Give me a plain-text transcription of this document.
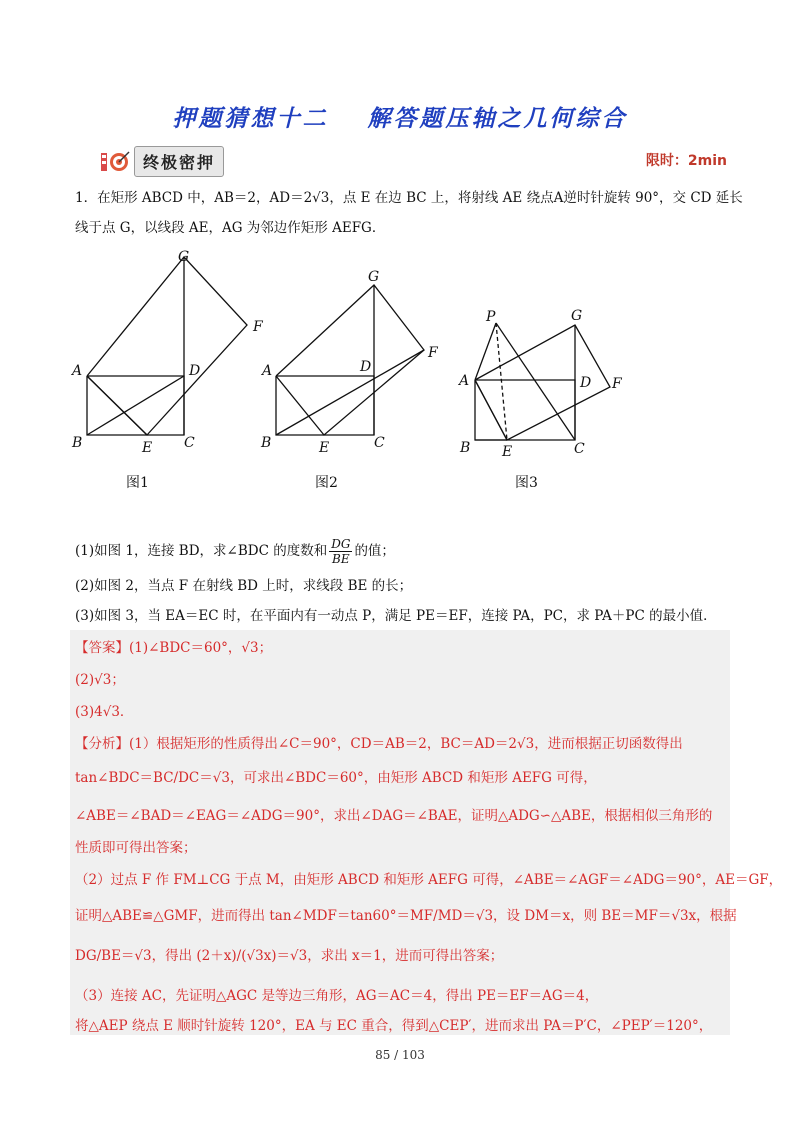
押题猜想十二 解答题压轴之几何综合
终极密押	限时：2min
1．在矩形 ABCD 中，AB＝2，AD＝2√3，点 E 在边 BC 上，将射线 AE 绕点A逆时针旋转 90°，交 CD 延长
线于点 G，以线段 AE，AG 为邻边作矩形 AEFG．
G
F
A	D
B	E C
G
F
A	D
B	E	C
P	G
A	D F
B E	C
图1	图2	图3
(1)如图 1，连接 BD，求∠BDC 的度数和 $\frac{DG}{BE}$ 的值；
(2)如图 2，当点 F 在射线 BD 上时，求线段 BE 的长；
(3)如图 3，当 EA＝EC 时，在平面内有一动点 P，满足 PE＝EF，连接 PA，PC，求 PA＋PC 的最小值．
【答案】(1)∠BDC＝60°，√3；
(2)√3；
(3)4√3．
【分析】(1）根据矩形的性质得出∠C＝90°，CD＝AB＝2，BC＝AD＝2√3，进而根据正切函数得出
tan∠BDC＝BC/DC＝√3，可求出∠BDC＝60°，由矩形 ABCD 和矩形 AEFG 可得，
∠ABE＝∠BAD＝∠EAG＝∠ADG＝90°，求出∠DAG＝∠BAE，证明△ADG∽△ABE，根据相似三角形的
性质即可得出答案；
（2）过点 F 作 FM⊥CG 于点 M，由矩形 ABCD 和矩形 AEFG 可得，∠ABE＝∠AGF＝∠ADG＝90°，AE＝GF，
证明△ABE≌△GMF，进而得出 tan∠MDF＝tan60°＝MF/MD＝√3，设 DM＝x，则 BE＝MF＝√3x，根据
DG/BE＝√3，得出 (2＋x)/(√3x)＝√3，求出 x＝1，进而可得出答案；
（3）连接 AC，先证明△AGC 是等边三角形，AG＝AC＝4，得出 PE＝EF＝AG＝4，
将△AEP 绕点 E 顺时针旋转 120°，EA 与 EC 重合，得到△CEP′，进而求出 PA＝P′C，∠PEP′＝120°，
85 / 103
